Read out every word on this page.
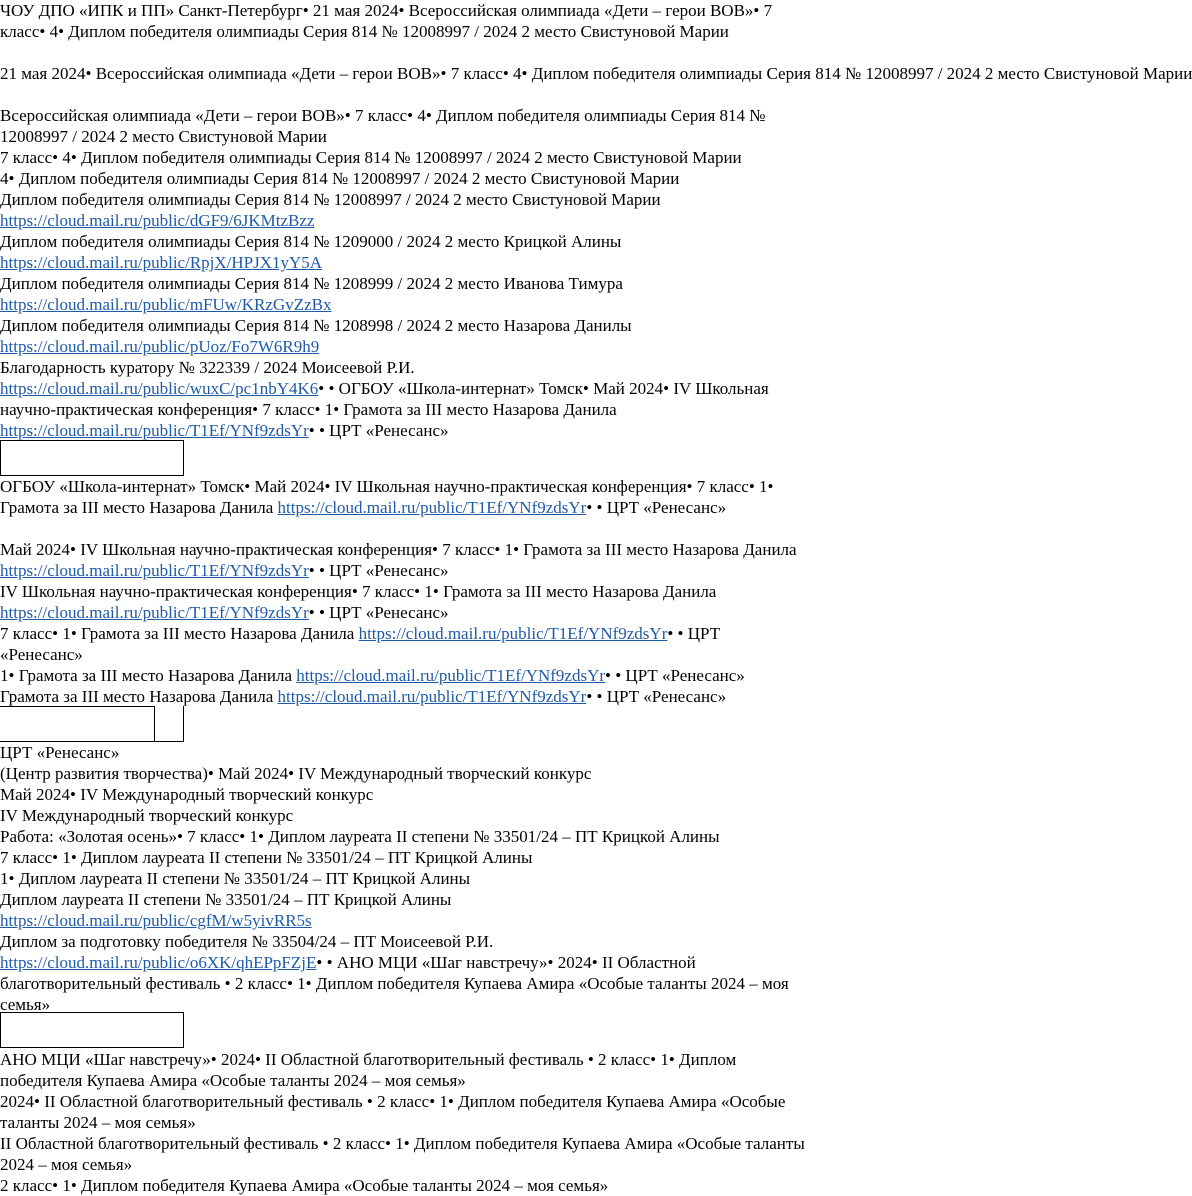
ЧОУ ДПО «ИПК и ПП» Санкт-Петербург• 21 мая 2024• Всероссийская олимпиада «Дети – герои ВОВ»• 7 класс• 4• Диплом победителя олимпиады Серия 814 № 12008997 / 2024 2 место Свистуновой Марии

21 мая 2024• Всероссийская олимпиада «Дети – герои ВОВ»• 7 класс• 4• Диплом победителя олимпиады Серия 814 № 12008997 / 2024 2 место Свистуновой Марии

Всероссийская олимпиада «Дети – герои ВОВ»• 7 класс• 4• Диплом победителя олимпиады Серия 814 № 12008997 / 2024 2 место Свистуновой Марии

7 класс• 4• Диплом победителя олимпиады Серия 814 № 12008997 / 2024 2 место Свистуновой Марии

4• Диплом победителя олимпиады Серия 814 № 12008997 / 2024 2 место Свистуновой Марии

Диплом победителя олимпиады Серия 814 № 12008997 / 2024 2 место Свистуновой Марии

https://cloud.mail.ru/public/dGF9/6JKMtzBzz

Диплом победителя олимпиады Серия 814 № 1209000 / 2024 2 место Крицкой Алины

https://cloud.mail.ru/public/RpjX/HPJX1yY5A

Диплом победителя олимпиады Серия 814 № 1208999 / 2024 2 место Иванова Тимура

https://cloud.mail.ru/public/mFUw/KRzGvZzBx

Диплом победителя олимпиады Серия 814 № 1208998 / 2024 2 место Назарова Данилы

https://cloud.mail.ru/public/pUoz/Fo7W6R9h9

Благодарность куратору № 322339 / 2024 Моисеевой Р.И.

https://cloud.mail.ru/public/wuxC/pc1nbY4K6• • ОГБОУ «Школа-интернат» Томск• Май 2024• IV Школьная научно-практическая конференция• 7 класс• 1• Грамота за III место Назарова Данила

https://cloud.mail.ru/public/T1Ef/YNf9zdsYr• • ЦРТ «Ренесанс»

ОГБОУ «Школа-интернат» Томск• Май 2024• IV Школьная научно-практическая конференция• 7 класс• 1• Грамота за III место Назарова Данила https://cloud.mail.ru/public/T1Ef/YNf9zdsYr• • ЦРТ «Ренесанс»

Май 2024• IV Школьная научно-практическая конференция• 7 класс• 1• Грамота за III место Назарова Данила https://cloud.mail.ru/public/T1Ef/YNf9zdsYr• • ЦРТ «Ренесанс»

IV Школьная научно-практическая конференция• 7 класс• 1• Грамота за III место Назарова Данила https://cloud.mail.ru/public/T1Ef/YNf9zdsYr• • ЦРТ «Ренесанс»

7 класс• 1• Грамота за III место Назарова Данила https://cloud.mail.ru/public/T1Ef/YNf9zdsYr• • ЦРТ

«Ренесанс»

1• Грамота за III место Назарова Данила https://cloud.mail.ru/public/T1Ef/YNf9zdsYr• • ЦРТ «Ренесанс»

Грамота за III место Назарова Данила https://cloud.mail.ru/public/T1Ef/YNf9zdsYr• • ЦРТ «Ренесанс»

ЦРТ «Ренесанс»

(Центр развития творчества)• Май 2024• IV Международный творческий конкурс

Май 2024• IV Международный творческий конкурс

IV Международный творческий конкурс

Работа: «Золотая осень»• 7 класс• 1• Диплом лауреата II степени № 33501/24 – ПТ Крицкой Алины

7 класс• 1• Диплом лауреата II степени № 33501/24 – ПТ Крицкой Алины

1• Диплом лауреата II степени № 33501/24 – ПТ Крицкой Алины

Диплом лауреата II степени № 33501/24 – ПТ Крицкой Алины

https://cloud.mail.ru/public/cgfM/w5yivRR5s

Диплом за подготовку победителя № 33504/24 – ПТ Моисеевой Р.И.

https://cloud.mail.ru/public/o6XK/qhEPpFZjE• • АНО МЦИ «Шаг навстречу»• 2024• II Областной благотворительный фестиваль • 2 класс• 1• Диплом победителя Купаева Амира «Особые таланты 2024 – моя семья»

АНО МЦИ «Шаг навстречу»• 2024• II Областной благотворительный фестиваль • 2 класс• 1• Диплом победителя Купаева Амира «Особые таланты 2024 – моя семья»

2024• II Областной благотворительный фестиваль • 2 класс• 1• Диплом победителя Купаева Амира «Особые таланты 2024 – моя семья»

II Областной благотворительный фестиваль • 2 класс• 1• Диплом победителя Купаева Амира «Особые таланты 2024 – моя семья»

2 класс• 1• Диплом победителя Купаева Амира «Особые таланты 2024 – моя семья»
